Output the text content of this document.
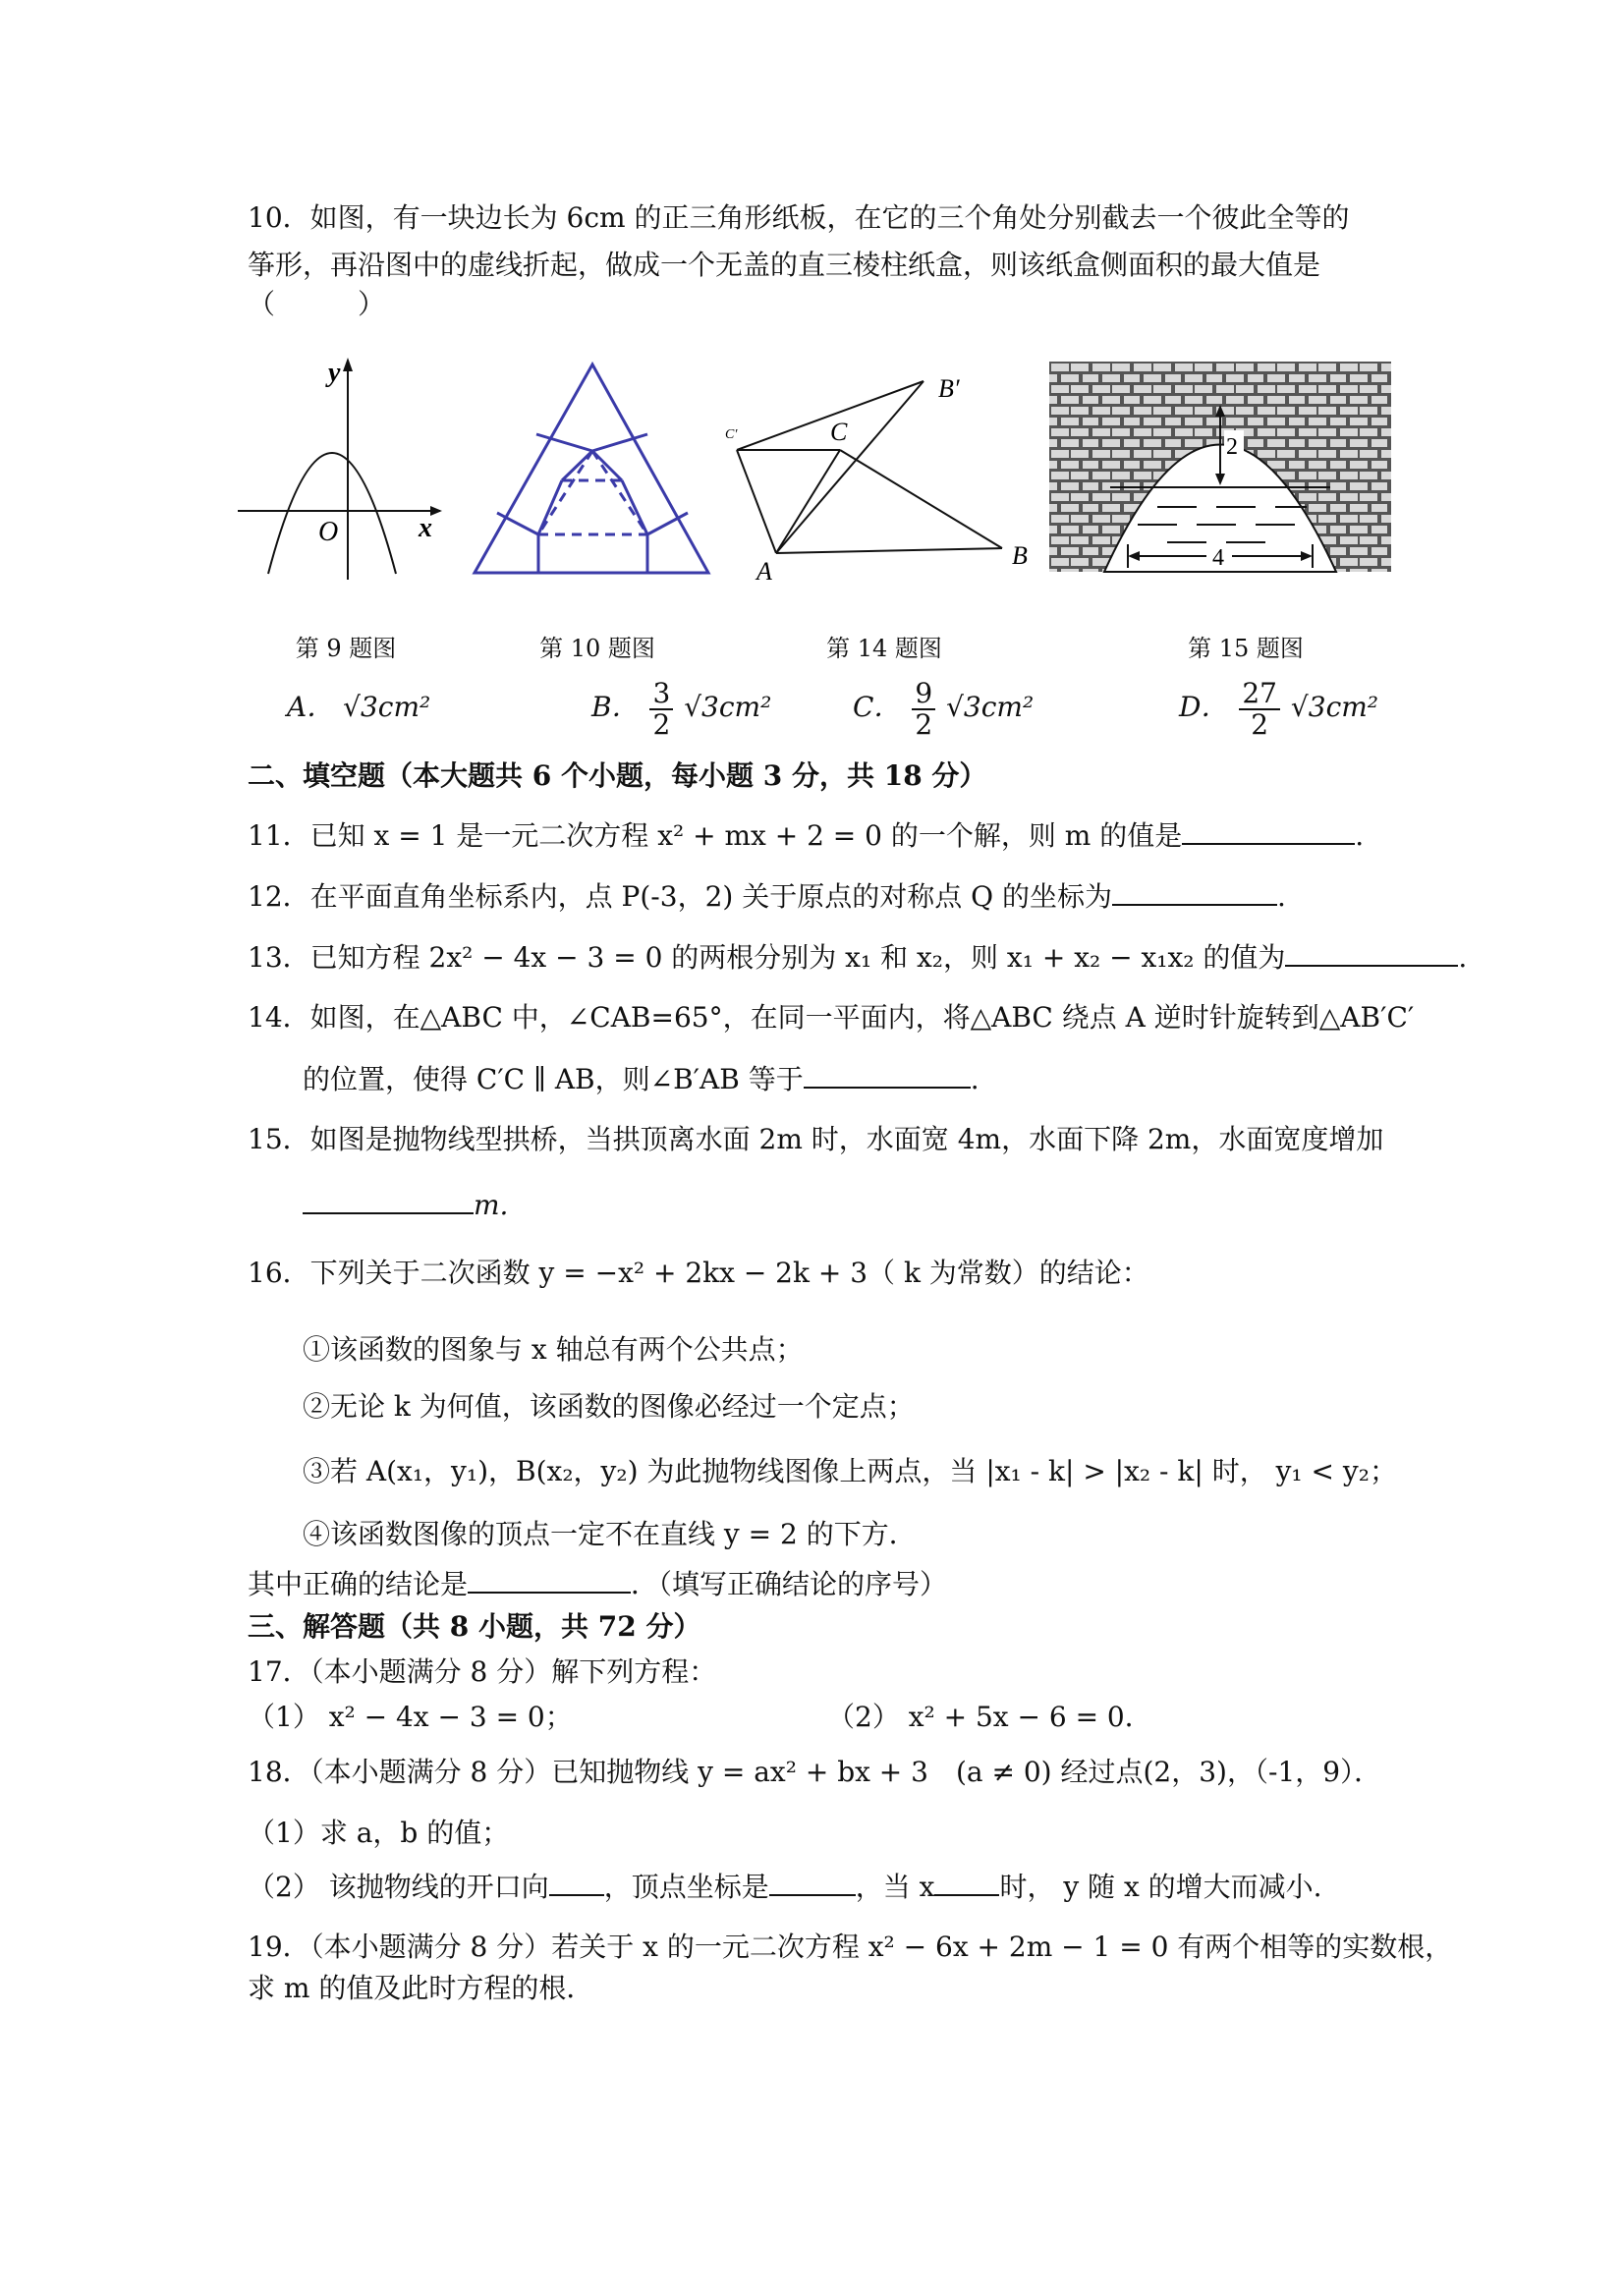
10．如图，有一块边长为 6cm 的正三角形纸板，在它的三个角处分别截去一个彼此全等的
筝形，再沿图中的虚线折起，做成一个无盖的直三棱柱纸盒，则该纸盒侧面积的最大值是
（　　　）
y
x
O
B′
C
C′
A
B
2
4
第 9 题图	第 10 题图	第 14 题图	第 15 题图
A． √3cm²	B． $\frac{3}{2} √3cm^2$	C． $\frac{9}{2} √3cm^2$	D． $\frac{27}{2} √3cm^2$
二、填空题（本大题共 6 个小题，每小题 3 分，共 18 分）
11．已知 x = 1 是一元二次方程 x² + mx + 2 = 0 的一个解，则 m 的值是	.
12．在平面直角坐标系内，点 P(-3，2) 关于原点的对称点 Q 的坐标为	.
13．已知方程 2x² − 4x − 3 = 0 的两根分别为 x₁ 和 x₂，则 x₁ + x₂ − x₁x₂ 的值为	.
14．如图，在△ABC 中，∠CAB=65°，在同一平面内，将△ABC 绕点 A 逆时针旋转到△AB′C′
的位置，使得 C′C ∥ AB，则∠B′AB 等于	.
15．如图是抛物线型拱桥，当拱顶离水面 2m 时，水面宽 4m，水面下降 2m，水面宽度增加
m.
16．下列关于二次函数 y = −x² + 2kx − 2k + 3（ k 为常数）的结论：
①该函数的图象与 x 轴总有两个公共点；
②无论 k 为何值，该函数的图像必经过一个定点；
③若 A(x₁，y₁)，B(x₂，y₂) 为此抛物线图像上两点，当 |x₁ - k| > |x₂ - k| 时， y₁ < y₂；
④该函数图像的顶点一定不在直线 y = 2 的下方．
其中正确的结论是	．（填写正确结论的序号）
三、解答题（共 8 小题，共 72 分）
17．（本小题满分 8 分）解下列方程：
（1） x² − 4x − 3 = 0；	（2） x² + 5x − 6 = 0．
18．（本小题满分 8 分）已知抛物线 y = ax² + bx + 3　(a ≠ 0) 经过点(2，3)，（-1，9）．
（1）求 a，b 的值；
（2） 该抛物线的开口向 ，顶点坐标是	，当 x 时， y 随 x 的增大而减小.
19．（本小题满分 8 分）若关于 x 的一元二次方程 x² − 6x + 2m − 1 = 0 有两个相等的实数根，
求 m 的值及此时方程的根．
